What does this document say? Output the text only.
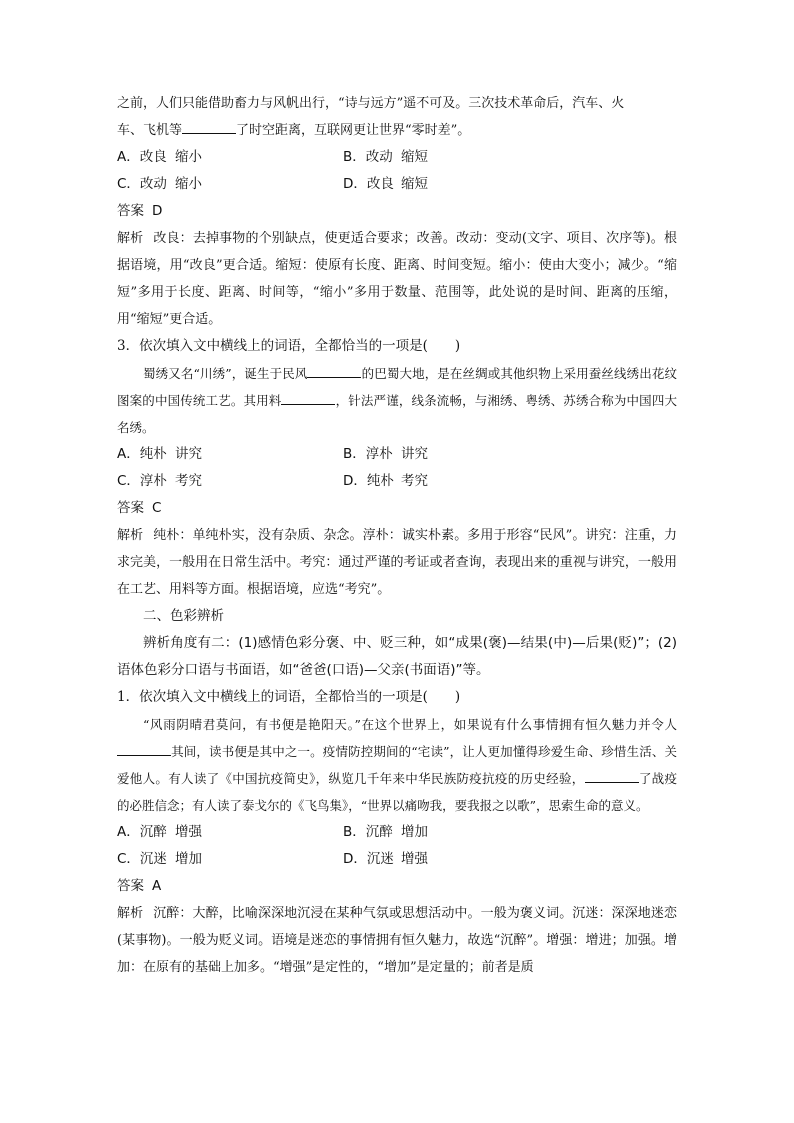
之前，人们只能借助畜力与风帆出行，“诗与远方”遥不可及。三次技术革命后，汽车、火

车、飞机等	了时空距离，互联网更让世界“零时差”。

A．改良 缩小	B．改动 缩短
C．改动 缩小	D．改良 缩短
答案 D

解析 改良：去掉事物的个别缺点，使更适合要求；改善。改动：变动(文字、项目、次序等)。根据语境，用“改良”更合适。缩短：使原有长度、距离、时间变短。缩小：使由大变小；减少。“缩短”多用于长度、距离、时间等，“缩小”多用于数量、范围等，此处说的是时间、距离的压缩，用“缩短”更合适。

3．依次填入文中横线上的词语，全都恰当的一项是(　　)

蜀绣又名“川绣”，诞生于民风	的巴蜀大地，是在丝绸或其他织物上采用蚕丝线绣出花纹图案的中国传统工艺。其用料	，针法严谨，线条流畅，与湘绣、粤绣、苏绣合称为中国四大名绣。

A．纯朴 讲究	B．淳朴 讲究
C．淳朴 考究	D．纯朴 考究
答案 C

解析 纯朴：单纯朴实，没有杂质、杂念。淳朴：诚实朴素。多用于形容“民风”。讲究：注重，力求完美，一般用在日常生活中。考究：通过严谨的考证或者查询，表现出来的重视与讲究，一般用在工艺、用料等方面。根据语境，应选“考究”。

二、色彩辨析

辨析角度有二：(1)感情色彩分褒、中、贬三种，如“成果(褒)—结果(中)—后果(贬)”；(2)语体色彩分口语与书面语，如“爸爸(口语)—父亲(书面语)”等。

1．依次填入文中横线上的词语，全都恰当的一项是(　　)

“风雨阴晴君莫问，有书便是艳阳天。”在这个世界上，如果说有什么事情拥有恒久魅力并令人其间，读书便是其中之一。疫情防控期间的“宅读”，让人更加懂得珍爱生命、珍惜生活、关爱他人。有人读了《中国抗疫简史》，纵览几千年来中华民族防疫抗疫的历史经验，	了战疫的必胜信念；有人读了泰戈尔的《飞鸟集》，“世界以痛吻我，要我报之以歌”，思索生命的意义。

A．沉醉 增强	B．沉醉 增加
C．沉迷 增加	D．沉迷 增强
答案 A

解析 沉醉：大醉，比喻深深地沉浸在某种气氛或思想活动中。一般为褒义词。沉迷：深深地迷恋(某事物)。一般为贬义词。语境是迷恋的事情拥有恒久魅力，故选“沉醉”。增强：增进；加强。增加：在原有的基础上加多。“增强”是定性的，“增加”是定量的；前者是质
